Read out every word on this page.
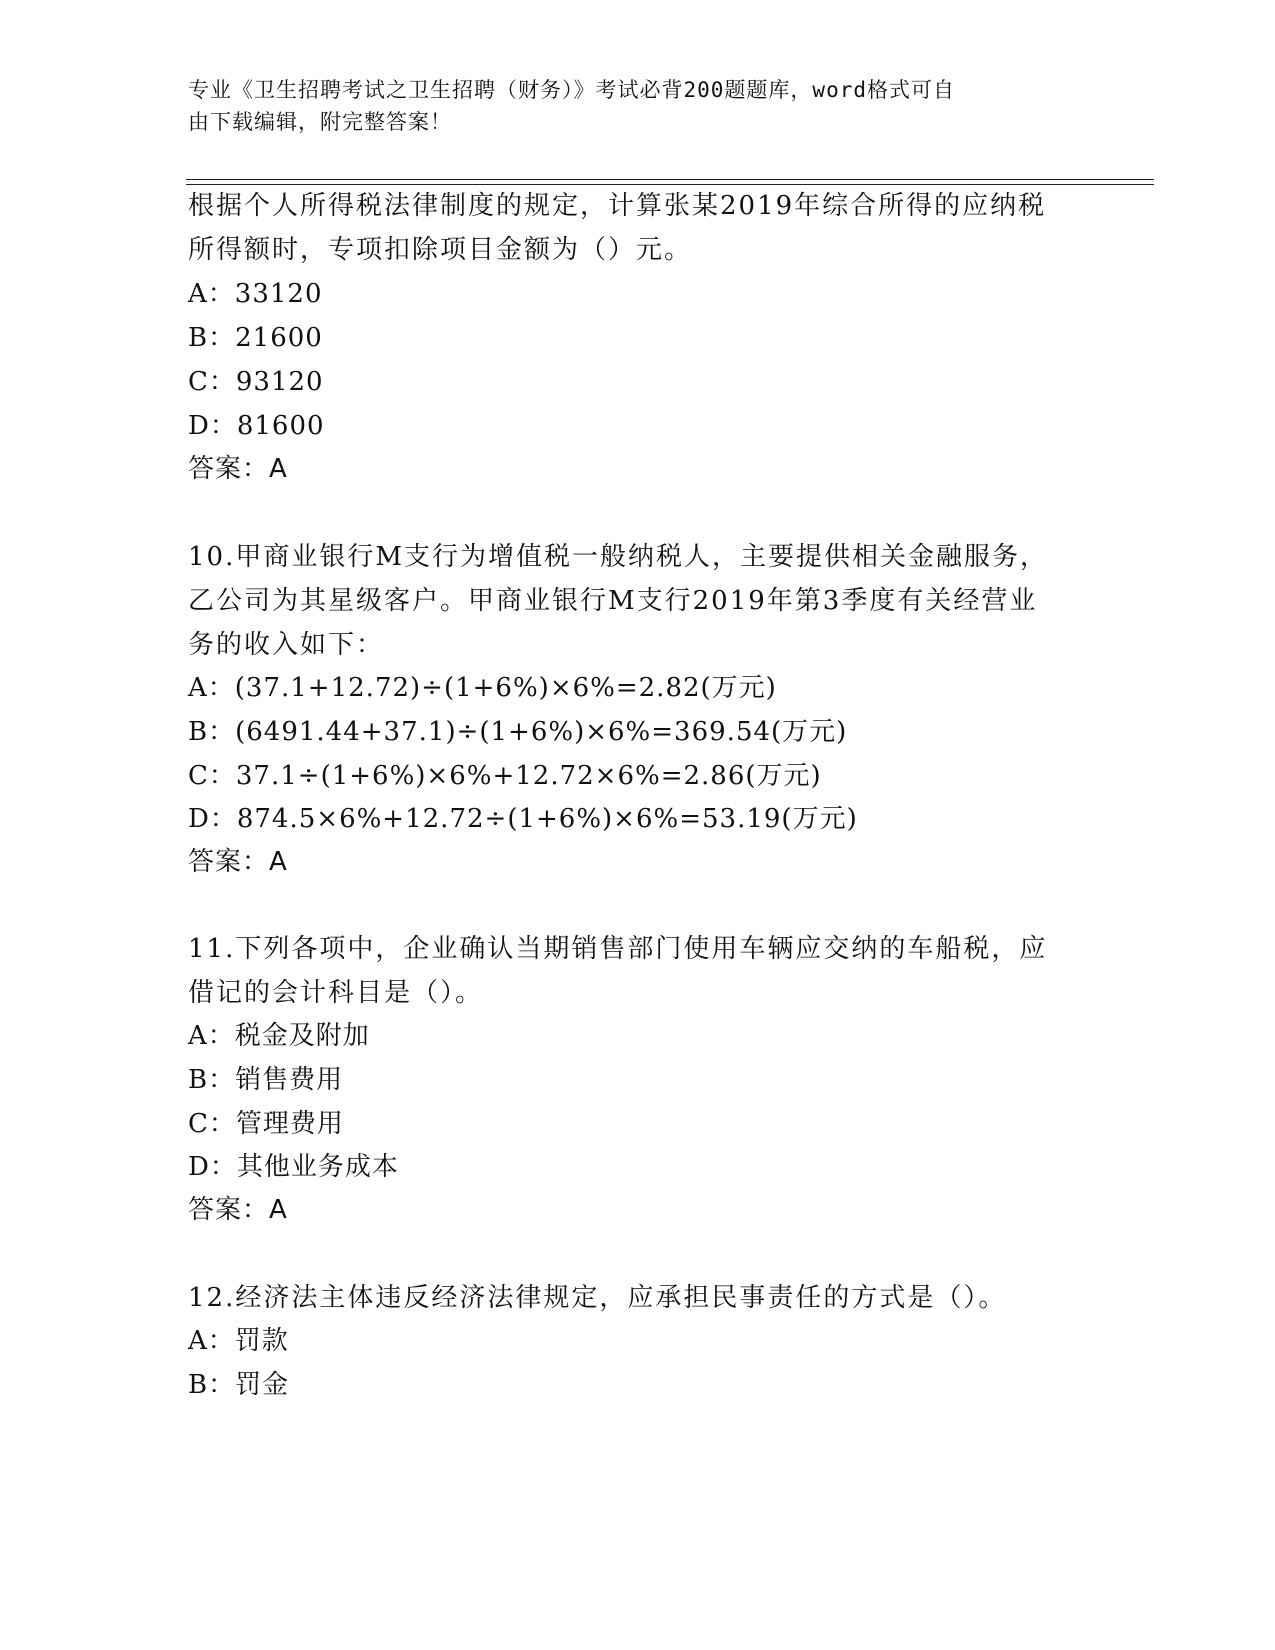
专业《卫生招聘考试之卫生招聘（财务）》考试必背200题题库，word格式可自
由下载编辑，附完整答案！
根据个人所得税法律制度的规定，计算张某2019年综合所得的应纳税
所得额时，专项扣除项目金额为（）元。
A：33120
B：21600
C：93120
D：81600
答案：A
10.甲商业银行M支行为增值税一般纳税人，主要提供相关金融服务，
乙公司为其星级客户。甲商业银行M支行2019年第3季度有关经营业
务的收入如下：
A：(37.1+12.72)÷(1+6%)×6%=2.82(万元)
B：(6491.44+37.1)÷(1+6%)×6%=369.54(万元)
C：37.1÷(1+6%)×6%+12.72×6%=2.86(万元)
D：874.5×6%+12.72÷(1+6%)×6%=53.19(万元)
答案：A
11.下列各项中，企业确认当期销售部门使用车辆应交纳的车船税，应
借记的会计科目是（）。
A：税金及附加
B：销售费用
C：管理费用
D：其他业务成本
答案：A
12.经济法主体违反经济法律规定，应承担民事责任的方式是（）。
A：罚款
B：罚金
